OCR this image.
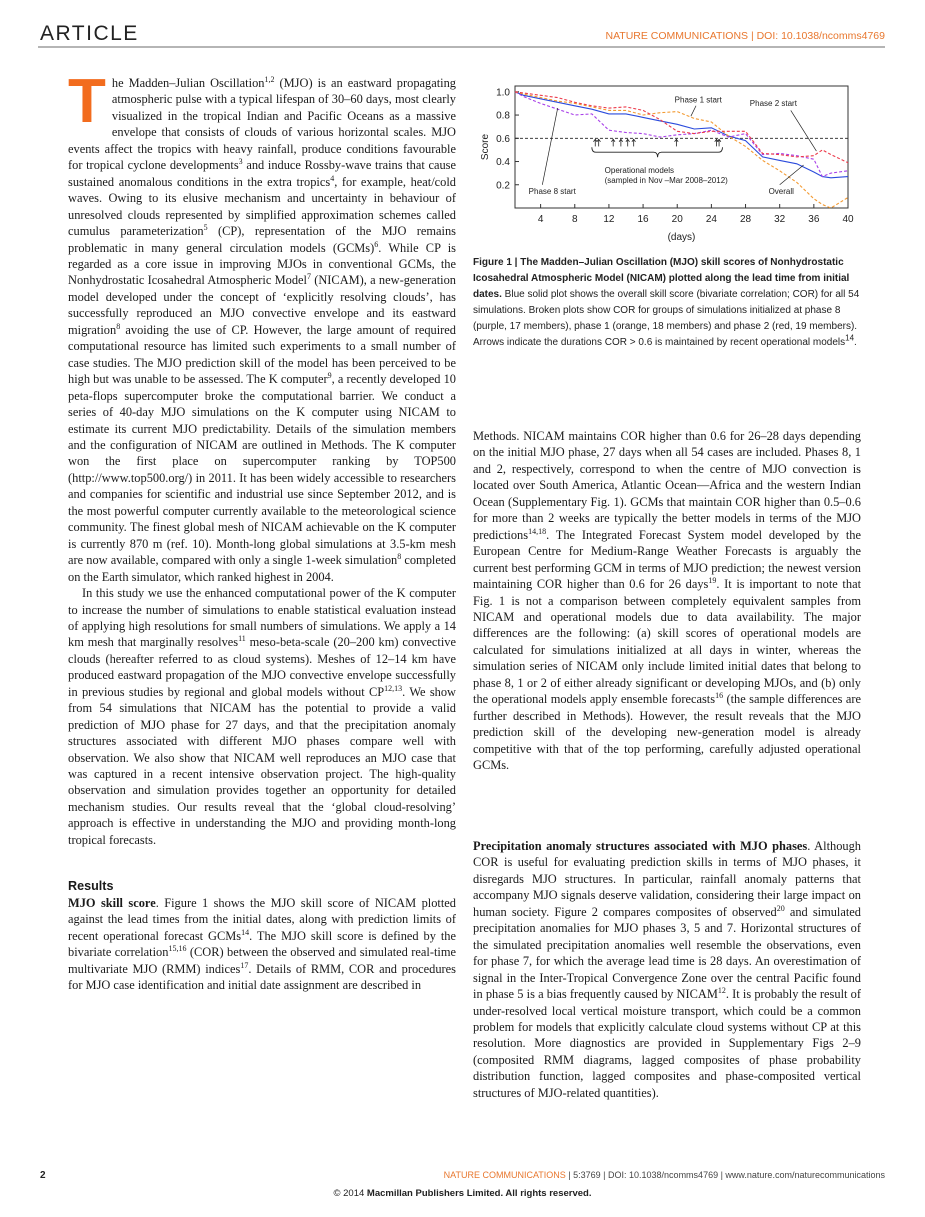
ARTICLE	NATURE COMMUNICATIONS | DOI: 10.1038/ncomms4769

The Madden–Julian Oscillation$^{1,2}$ (MJO) is an eastward propagating atmospheric pulse with a typical lifespan of 30–60 days, most clearly visualized in the tropical Indian and Pacific Oceans as a massive envelope that consists of clouds of various horizontal scales. MJO events affect the tropics with heavy rainfall, produce conditions favourable for tropical cyclone developments$^3$ and induce Rossby-wave trains that cause sustained anomalous conditions in the extra tropics$^4$, for example, heat/cold waves. Owing to its elusive mechanism and uncertainty in behaviour of unresolved clouds represented by simplified approximation schemes called cumulus parameterization$^5$ (CP), representation of the MJO remains problematic in many general circulation models (GCMs)$^6$. While CP is regarded as a core issue in improving MJOs in conventional GCMs, the Nonhydrostatic Icosahedral Atmospheric Model$^7$ (NICAM), a new-generation model developed under the concept of ‘explicitly resolving clouds’, has successfully reproduced an MJO convective envelope and its eastward migration$^8$ avoiding the use of CP. However, the large amount of required computational resource has limited such experiments to a small number of case studies. The MJO prediction skill of the model has been perceived to be high but was unable to be assessed. The K computer$^9$, a recently developed 10 peta-flops supercomputer broke the computational barrier. We conduct a series of 40-day MJO simulations on the K computer using NICAM to estimate its current MJO predictability. Details of the simulation members and the configuration of NICAM are outlined in Methods. The K computer won the first place on supercomputer ranking by TOP500 (http://www.top500.org/) in 2011. It has been widely accessible to researchers and companies for scientific and industrial use since September 2012, and is the most powerful computer currently available to the meteorological science community. The finest global mesh of NICAM achievable on the K computer is currently 870 m (ref. 10). Month-long global simulations at 3.5-km mesh are now available, compared with only a single 1-week simulation$^8$ completed on the Earth simulator, which ranked highest in 2004.

In this study we use the enhanced computational power of the K computer to increase the number of simulations to enable statistical evaluation instead of applying high resolutions for small numbers of simulations. We apply a 14 km mesh that marginally resolves$^{11}$ meso-beta-scale (20–200 km) convective clouds (hereafter referred to as cloud systems). Meshes of 12–14 km have produced eastward propagation of the MJO convective envelope successfully in previous studies by regional and global models without CP$^{12,13}$. We show from 54 simulations that NICAM has the potential to provide a valid prediction of MJO phase for 27 days, and that the precipitation anomaly structures associated with different MJO phases compare well with observation. We also show that NICAM well reproduces an MJO case that was captured in a recent intensive observation project. The high-quality observation and simulation provides together an opportunity for detailed mechanism studies. Our results reveal that the ‘global cloud-resolving’ approach is effective in understanding the MJO and providing month-long tropical forecasts.

Results

MJO skill score. Figure 1 shows the MJO skill score of NICAM plotted against the lead times from the initial dates, along with prediction limits of recent operational forecast GCMs$^{14}$. The MJO skill score is defined by the bivariate correlation$^{15,16}$ (COR) between the observed and simulated real-time multivariate MJO (RMM) indices$^{17}$. Details of RMM, COR and procedures for MJO case identification and initial date assignment are described in

0.2
0.4
0.6
0.8
1.0
4	8	12 16 20 24 28 32 36 40
(days)
Score
Operational models
(sampled in Nov –Mar 2008–2012)
Phase 1 start	Phase 2 start
Phase 8 start	Overall
Figure 1 | The Madden–Julian Oscillation (MJO) skill scores of Nonhydrostatic Icosahedral Atmospheric Model (NICAM) plotted along the lead time from initial dates. Blue solid plot shows the overall skill score (bivariate correlation; COR) for all 54 simulations. Broken plots show COR for groups of simulations initialized at phase 8 (purple, 17 members), phase 1 (orange, 18 members) and phase 2 (red, 19 members). Arrows indicate the durations COR > 0.6 is maintained by recent operational models$^{14}$.

Methods. NICAM maintains COR higher than 0.6 for 26–28 days depending on the initial MJO phase, 27 days when all 54 cases are included. Phases 8, 1 and 2, respectively, correspond to when the centre of MJO convection is located over South America, Atlantic Ocean—Africa and the western Indian Ocean (Supplementary Fig. 1). GCMs that maintain COR higher than 0.5–0.6 for more than 2 weeks are typically the better models in terms of the MJO predictions$^{14,18}$. The Integrated Forecast System model developed by the European Centre for Medium-Range Weather Forecasts is arguably the current best performing GCM in terms of MJO prediction; the newest version maintaining COR higher than 0.6 for 26 days$^{19}$. It is important to note that Fig. 1 is not a comparison between completely equivalent samples from NICAM and operational models due to data availability. The major differences are the following: (a) skill scores of operational models are calculated for simulations initialized at all days in winter, whereas the simulation series of NICAM only include limited initial dates that belong to phase 8, 1 or 2 of either already significant or developing MJOs, and (b) only the operational models apply ensemble forecasts$^{16}$ (the sample differences are further described in Methods). However, the result reveals that the MJO prediction skill of the developing new-generation model is already competitive with that of the top performing, carefully adjusted operational GCMs.

Precipitation anomaly structures associated with MJO phases. Although COR is useful for evaluating prediction skills in terms of MJO phases, it disregards MJO structures. In particular, rainfall anomaly patterns that accompany MJO signals deserve validation, considering their large impact on human society. Figure 2 compares composites of observed$^{20}$ and simulated precipitation anomalies for MJO phases 3, 5 and 7. Horizontal structures of the simulated precipitation anomalies well resemble the observations, even for phase 7, for which the average lead time is 28 days. An overestimation of signal in the Inter-Tropical Convergence Zone over the central Pacific found in phase 5 is a bias frequently caused by NICAM$^{12}$. It is probably the result of under-resolved local vertical moisture transport, which could be a common problem for models that explicitly calculate cloud systems without CP at this resolution. More diagnostics are provided in Supplementary Figs 2–9 (composited RMM diagrams, lagged composites of phase probability distribution function, lagged composites and phase-composited vertical structures of MJO-related quantities).

2	NATURE COMMUNICATIONS | 5:3769 | DOI: 10.1038/ncomms4769 | www.nature.com/naturecommunications
© 2014 Macmillan Publishers Limited. All rights reserved.
